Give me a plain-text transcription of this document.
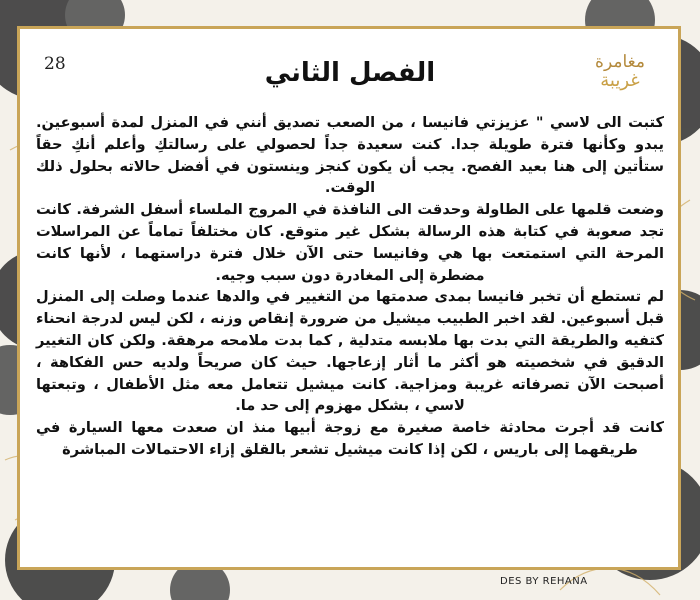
28	الفصل الثاني	مغامرة
غريبة

كتبت الى لاسي " عزيزتي فانيسا ، من الصعب تصديق أنني في المنزل لمدة أسبوعين. يبدو وكأنها فترة طويلة جدا. كنت سعيدة جداً لحصولي على رسالتكِ وأعلم أنكِ حقاً ستأتين إلى هنا بعيد الفصح. يجب أن يكون كنجز وينستون في أفضل حالاته بحلول ذلك الوقت.

وضعت قلمها على الطاولة وحدقت الى النافذة في المروج الملساء أسفل الشرفة. كانت تجد صعوبة في كتابة هذه الرسالة بشكل غير متوقع. كان مختلفاً تماماً عن المراسلات المرحة التي استمتعت بها هي وفانيسا حتى الآن خلال فترة دراستهما ، لأنها كانت مضطرة إلى المغادرة دون سبب وجيه.

لم تستطع أن تخبر فانيسا بمدى صدمتها من التغيير في والدها عندما وصلت إلى المنزل قبل أسبوعين. لقد اخبر الطبيب ميشيل من ضرورة إنقاص وزنه ، لكن ليس لدرجة انحناء كتفيه والطريقة التي بدت بها ملابسه متدلية , كما بدت ملامحه مرهقة. ولكن كان التغيير الدقيق في شخصيته هو أكثر ما أثار إزعاجها. حيث كان صريحاً ولديه حس الفكاهة ، أصبحت الآن تصرفاته غريبة ومزاجية. كانت ميشيل تتعامل معه مثل الأطفال ، وتبعتها لاسي ، بشكل مهزوم إلى حد ما.

كانت قد أجرت محادثة خاصة صغيرة مع زوجة أبيها منذ ان صعدت معها السيارة في طريقهما إلى باريس ، لكن إذا كانت ميشيل تشعر بالقلق إزاء الاحتمالات المباشرة

DES BY REHANA
